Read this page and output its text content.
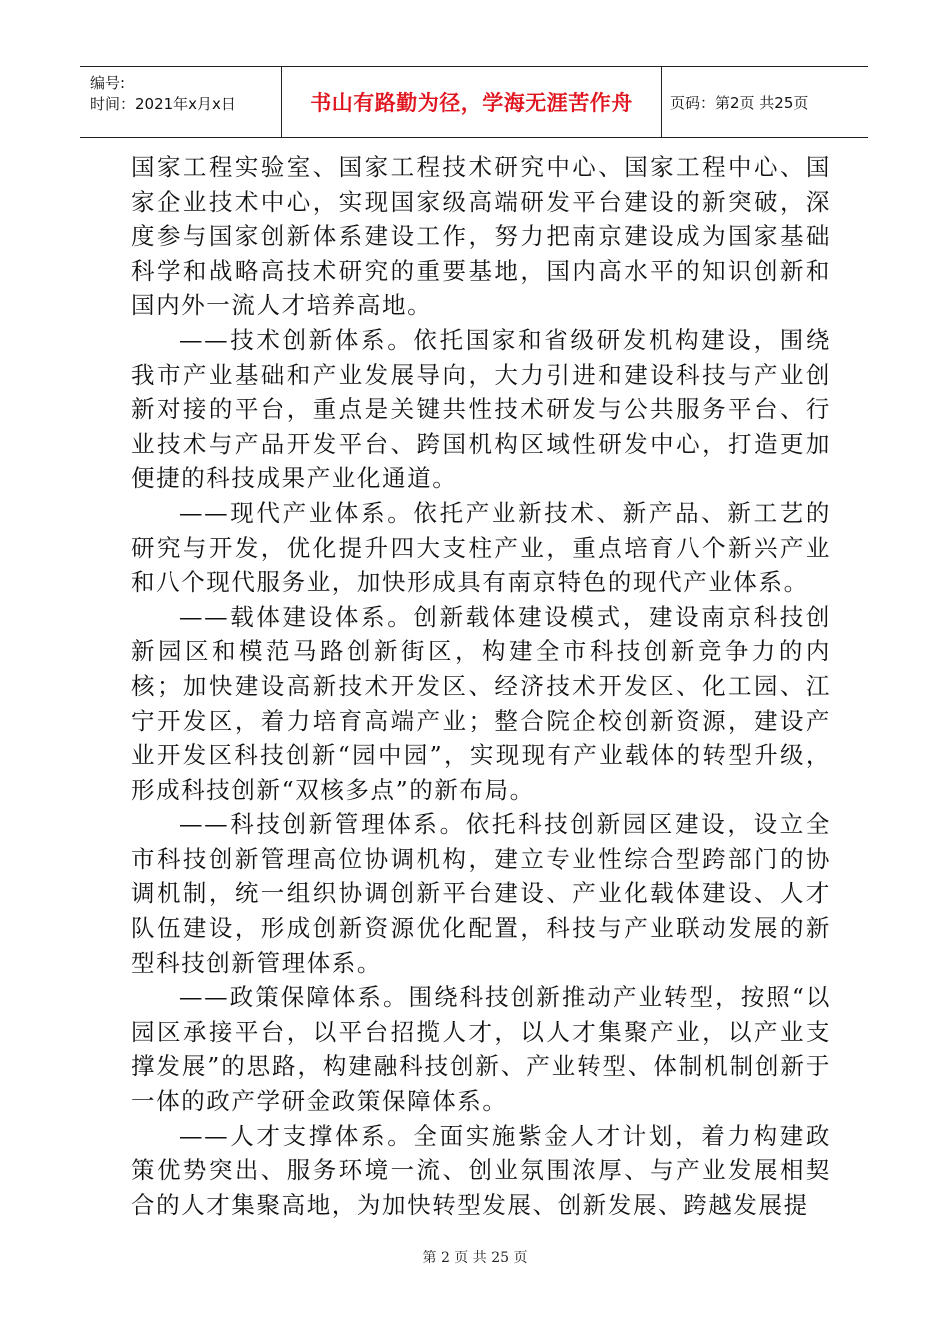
编号:
时间：2021年x月x日	书山有路勤为径，学海无涯苦作舟	页码：第2页 共25页

国家工程实验室、国家工程技术研究中心、国家工程中心、国家企业技术中心，实现国家级高端研发平台建设的新突破，深度参与国家创新体系建设工作，努力把南京建设成为国家基础科学和战略高技术研究的重要基地，国内高水平的知识创新和国内外一流人才培养高地。

——技术创新体系。依托国家和省级研发机构建设，围绕我市产业基础和产业发展导向，大力引进和建设科技与产业创新对接的平台，重点是关键共性技术研发与公共服务平台、行业技术与产品开发平台、跨国机构区域性研发中心，打造更加便捷的科技成果产业化通道。

——现代产业体系。依托产业新技术、新产品、新工艺的研究与开发，优化提升四大支柱产业，重点培育八个新兴产业和八个现代服务业，加快形成具有南京特色的现代产业体系。

——载体建设体系。创新载体建设模式，建设南京科技创新园区和模范马路创新街区，构建全市科技创新竞争力的内核；加快建设高新技术开发区、经济技术开发区、化工园、江宁开发区，着力培育高端产业；整合院企校创新资源，建设产业开发区科技创新“园中园”，实现现有产业载体的转型升级，形成科技创新“双核多点”的新布局。

——科技创新管理体系。依托科技创新园区建设，设立全市科技创新管理高位协调机构，建立专业性综合型跨部门的协调机制，统一组织协调创新平台建设、产业化载体建设、人才队伍建设，形成创新资源优化配置，科技与产业联动发展的新型科技创新管理体系。

——政策保障体系。围绕科技创新推动产业转型，按照“以园区承接平台，以平台招揽人才，以人才集聚产业，以产业支撑发展”的思路，构建融科技创新、产业转型、体制机制创新于一体的政产学研金政策保障体系。

——人才支撑体系。全面实施紫金人才计划，着力构建政策优势突出、服务环境一流、创业氛围浓厚、与产业发展相契合的人才集聚高地，为加快转型发展、创新发展、跨越发展提

第 2 页 共 25 页
